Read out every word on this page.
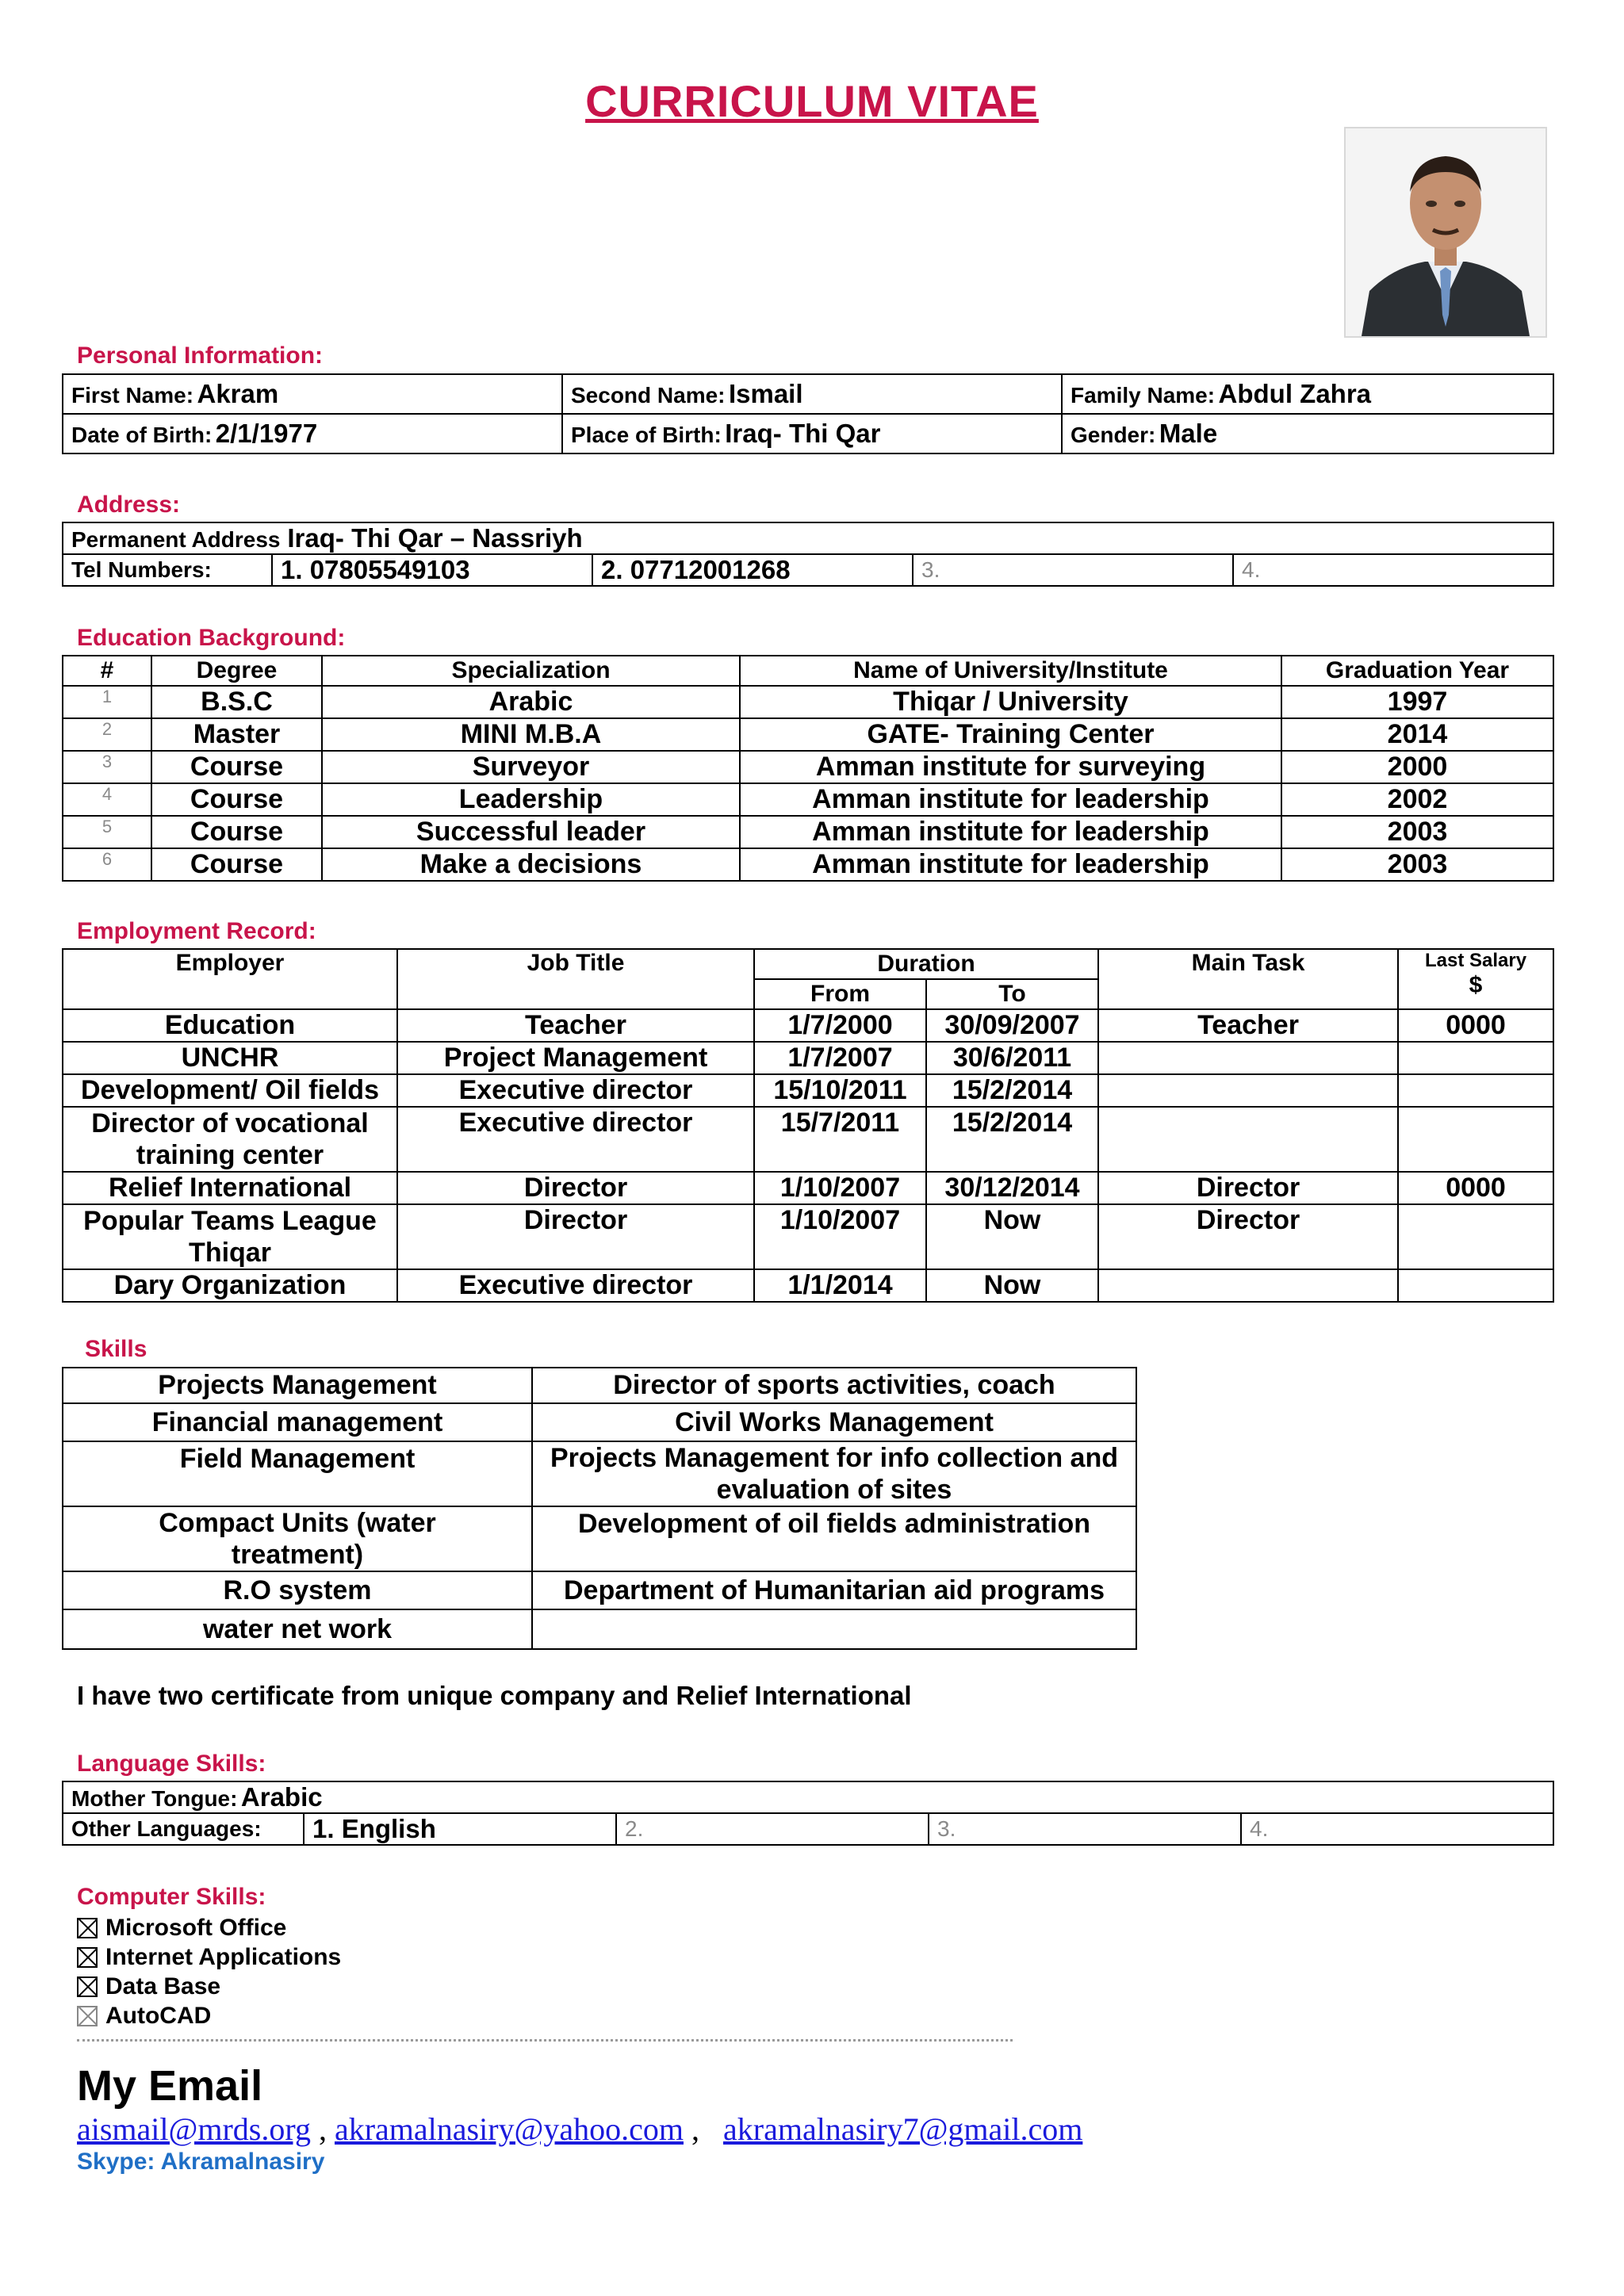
CURRICULUM VITAE
Personal Information:
First Name: Akram	Second Name: Ismail	Family Name: Abdul Zahra
Date of Birth: 2/1/1977	Place of Birth: Iraq- Thi Qar	Gender: Male
Address:
Permanent Address Iraq- Thi Qar – Nassriyh
Tel Numbers:	1. 07805549103	2. 07712001268	3.	4.
Education Background:
#	Degree	Specialization	Name of University/Institute	Graduation Year
1	B.S.C	Arabic	Thiqar / University	1997
2	Master	MINI M.B.A	GATE- Training Center	2014
3	Course	Surveyor	Amman institute for surveying	2000
4	Course	Leadership	Amman institute for leadership	2002
5	Course	Successful leader	Amman institute for leadership	2003
6	Course	Make a decisions	Amman institute for leadership	2003
Employment Record:
Employer	Job Title	Duration		Main Task	Last Salary
$

		From	To		
Education	Teacher	1/7/2000	30/09/2007	Teacher	0000
UNCHR	Project Management	1/7/2007	30/6/2011		
Development/ Oil fields	Executive director	15/10/2011	15/2/2014		
Director of vocational training center	Executive director	15/7/2011	15/2/2014		
Relief International	Director	1/10/2007	30/12/2014	Director	0000
Popular Teams League Thiqar	Director	1/10/2007	Now	Director	
Dary Organization	Executive director	1/1/2014	Now		
Skills
Projects Management	Director of sports activities, coach
Financial management	Civil Works Management
Field Management	Projects Management for info collection and evaluation of sites
Compact Units (water treatment)	Development of oil fields administration
R.O system	Department of Humanitarian aid programs
water net work	
I have two certificate from unique company and Relief International
Language Skills:
Mother Tongue: Arabic
Other Languages:	1. English	2.	3.	4.
Computer Skills:
Microsoft Office
Internet Applications
Data Base
AutoCAD
My Email
aismail@mrds.org , akramalnasiry@yahoo.com ,   akramalnasiry7@gmail.com
Skype: Akramalnasiry
